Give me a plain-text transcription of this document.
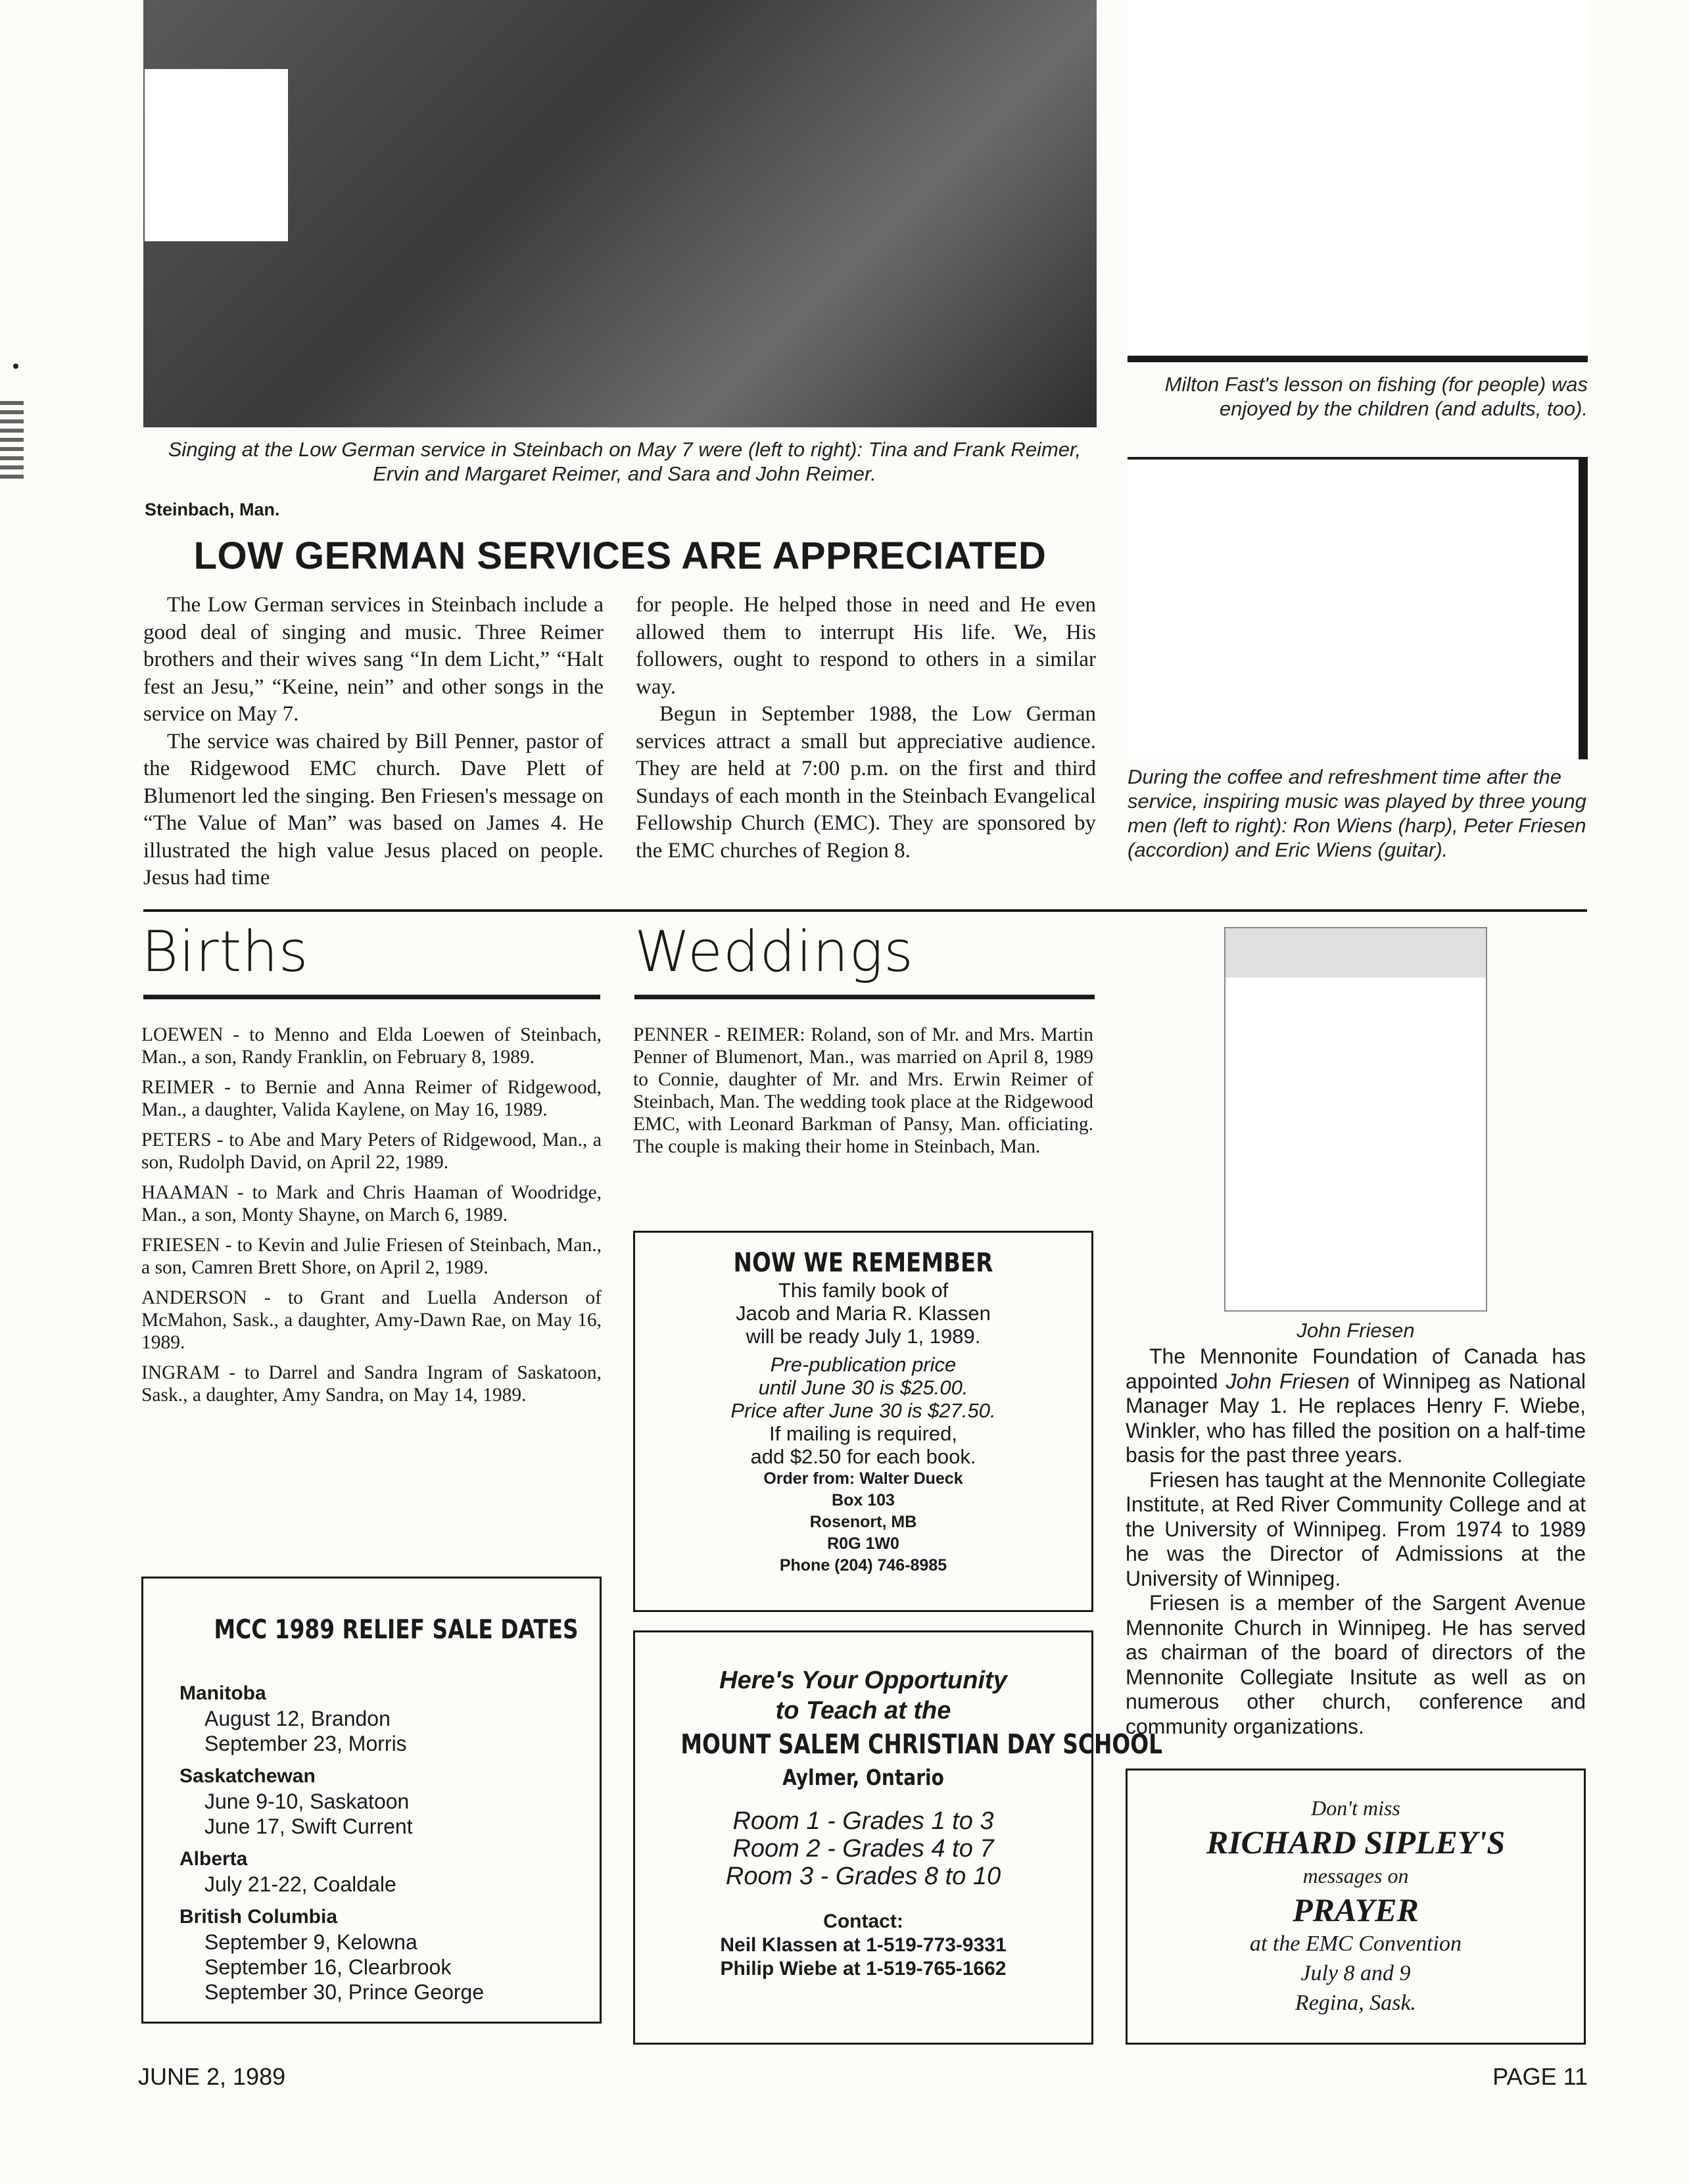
Singing at the Low German service in Steinbach on May 7 were (left to right): Tina and Frank Reimer, Ervin and Margaret Reimer, and Sara and John Reimer.
Milton Fast's lesson on fishing (for people) was enjoyed by the children (and adults, too).
During the coffee and refreshment time after the service, inspiring music was played by three young men (left to right): Ron Wiens (harp), Peter Friesen (accordion) and Eric Wiens (guitar).
Steinbach, Man.
LOW GERMAN SERVICES ARE APPRECIATED

The Low German services in Steinbach include a good deal of singing and music. Three Reimer brothers and their wives sang “In dem Licht,” “Halt fest an Jesu,” “Keine, nein” and other songs in the service on May 7.

The service was chaired by Bill Penner, pastor of the Ridgewood EMC church. Dave Plett of Blumenort led the singing. Ben Friesen's message on “The Value of Man” was based on James 4. He illustrated the high value Jesus placed on people. Jesus had time

for people. He helped those in need and He even allowed them to interrupt His life. We, His followers, ought to respond to others in a similar way.

Begun in September 1988, the Low German services attract a small but appreciative audience. They are held at 7:00 p.m. on the first and third Sundays of each month in the Steinbach Evangelical Fellowship Church (EMC). They are sponsored by the EMC churches of Region 8.

Births

LOEWEN - to Menno and Elda Loewen of Steinbach, Man., a son, Randy Franklin, on February 8, 1989.

REIMER - to Bernie and Anna Reimer of Ridgewood, Man., a daughter, Valida Kaylene, on May 16, 1989.

PETERS - to Abe and Mary Peters of Ridgewood, Man., a son, Rudolph David, on April 22, 1989.

HAAMAN - to Mark and Chris Haaman of Woodridge, Man., a son, Monty Shayne, on March 6, 1989.

FRIESEN - to Kevin and Julie Friesen of Steinbach, Man., a son, Camren Brett Shore, on April 2, 1989.

ANDERSON - to Grant and Luella Anderson of McMahon, Sask., a daughter, Amy-Dawn Rae, on May 16, 1989.

INGRAM - to Darrel and Sandra Ingram of Saskatoon, Sask., a daughter, Amy Sandra, on May 14, 1989.

MCC 1989 RELIEF SALE DATES
Manitoba
August 12, Brandon
September 23, Morris
Saskatchewan
June 9-10, Saskatoon
June 17, Swift Current
Alberta
July 21-22, Coaldale
British Columbia
September 9, Kelowna
September 16, Clearbrook
September 30, Prince George
Weddings

PENNER - REIMER: Roland, son of Mr. and Mrs. Martin Penner of Blumenort, Man., was married on April 8, 1989 to Connie, daughter of Mr. and Mrs. Erwin Reimer of Steinbach, Man. The wedding took place at the Ridgewood EMC, with Leonard Barkman of Pansy, Man. officiating. The couple is making their home in Steinbach, Man.

NOW WE REMEMBER
This family book of
Jacob and Maria R. Klassen
will be ready July 1, 1989.
Pre-publication price
until June 30 is $25.00.
Price after June 30 is $27.50.
If mailing is required,
add $2.50 for each book.
Order from: Walter Dueck
Box 103
Rosenort, MB
R0G 1W0
Phone (204) 746-8985
Here's Your Opportunity
to Teach at the
MOUNT SALEM CHRISTIAN DAY SCHOOL
Aylmer, Ontario
Room 1 - Grades 1 to 3
Room 2 - Grades 4 to 7
Room 3 - Grades 8 to 10
Contact:
Neil Klassen at 1-519-773-9331
Philip Wiebe at 1-519-765-1662
John Friesen

The Mennonite Foundation of Canada has appointed John Friesen of Winnipeg as National Manager May 1. He replaces Henry F. Wiebe, Winkler, who has filled the position on a half-time basis for the past three years.

Friesen has taught at the Mennonite Collegiate Institute, at Red River Community College and at the University of Winnipeg. From 1974 to 1989 he was the Director of Admissions at the University of Winnipeg.

Friesen is a member of the Sargent Avenue Mennonite Church in Winnipeg. He has served as chairman of the board of directors of the Mennonite Collegiate Insitute as well as on numerous other church, conference and community organizations.

Don't miss
RICHARD SIPLEY'S
messages on
PRAYER
at the EMC Convention
July 8 and 9
Regina, Sask.
JUNE 2, 1989	PAGE 11
